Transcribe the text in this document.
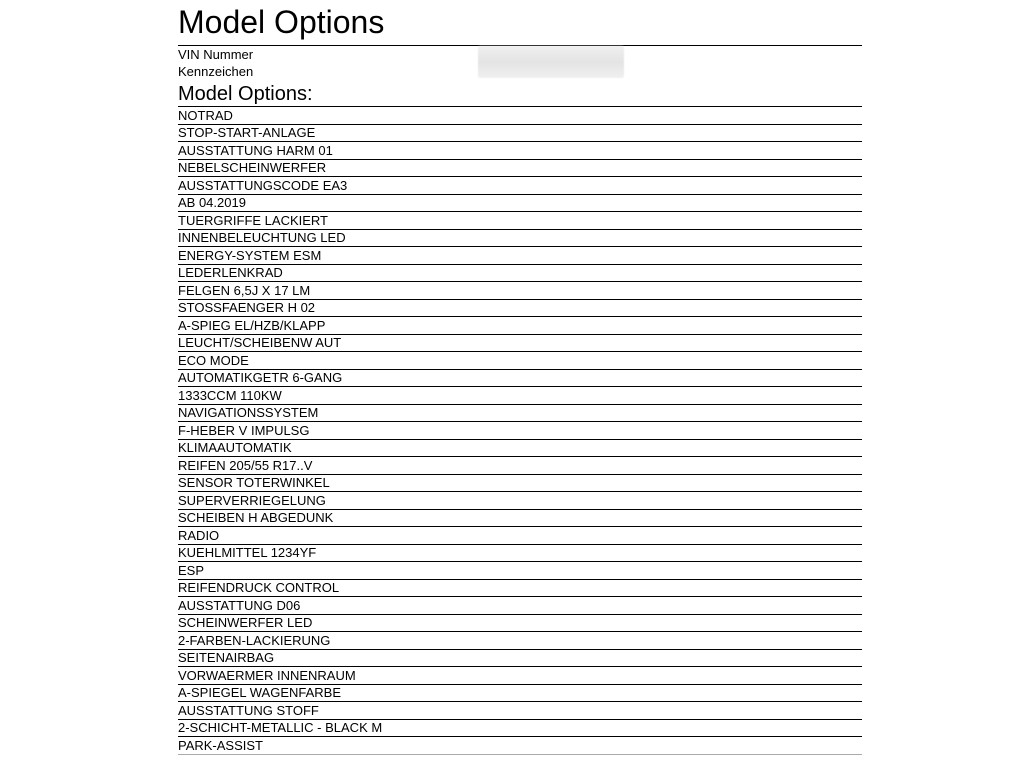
Model Options
VIN Nummer
Kennzeichen
Model Options:
NOTRAD
STOP-START-ANLAGE
AUSSTATTUNG HARM 01
NEBELSCHEINWERFER
AUSSTATTUNGSCODE EA3
AB 04.2019
TUERGRIFFE LACKIERT
INNENBELEUCHTUNG LED
ENERGY-SYSTEM ESM
LEDERLENKRAD
FELGEN 6,5J X 17 LM
STOSSFAENGER H 02
A-SPIEG EL/HZB/KLAPP
LEUCHT/SCHEIBENW AUT
ECO MODE
AUTOMATIKGETR 6-GANG
1333CCM 110KW
NAVIGATIONSSYSTEM
F-HEBER V IMPULSG
KLIMAAUTOMATIK
REIFEN 205/55 R17..V
SENSOR TOTERWINKEL
SUPERVERRIEGELUNG
SCHEIBEN H ABGEDUNK
RADIO
KUEHLMITTEL 1234YF
ESP
REIFENDRUCK CONTROL
AUSSTATTUNG D06
SCHEINWERFER LED
2-FARBEN-LACKIERUNG
SEITENAIRBAG
VORWAERMER INNENRAUM
A-SPIEGEL WAGENFARBE
AUSSTATTUNG STOFF
2-SCHICHT-METALLIC - BLACK M
PARK-ASSIST
